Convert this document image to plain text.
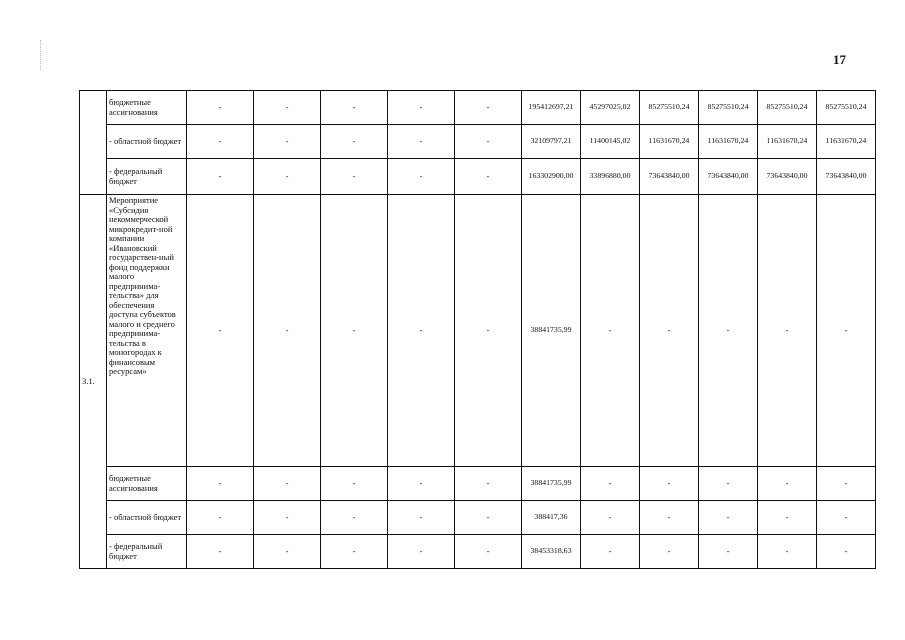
17
	бюджетные ассигнования	-	-	-	-	-	195412697,21	45297025,02	85275510,24	85275510,24	85275510,24	85275510,24
	- областной бюджет	-	-	-	-	-	32109797,21	11400145,02	11631670,24	11631670,24	11631670,24	11631670,24
	- федеральный бюджет	-	-	-	-	-	163302900,00	33896880,00	73643840,00	73643840,00	73643840,00	73643840,00
3.1.	Мероприятие «Субсидия некоммерческой микрокредит-ной компании «Ивановский государствен-ный фонд поддержки малого предпринима-тельства» для обеспечения доступа субъектов малого и среднего предпринима-тельства в моногородах к финансовым ресурсам»	-	-	-	-	-	38841735,99	-	-	-	-	-
	бюджетные ассигнования	-	-	-	-	-	38841735,99	-	-	-	-	-
	- областной бюджет	-	-	-	-	-	388417,36	-	-	-	-	-
	- федеральный бюджет	-	-	-	-	-	38453318,63	-	-	-	-	-
